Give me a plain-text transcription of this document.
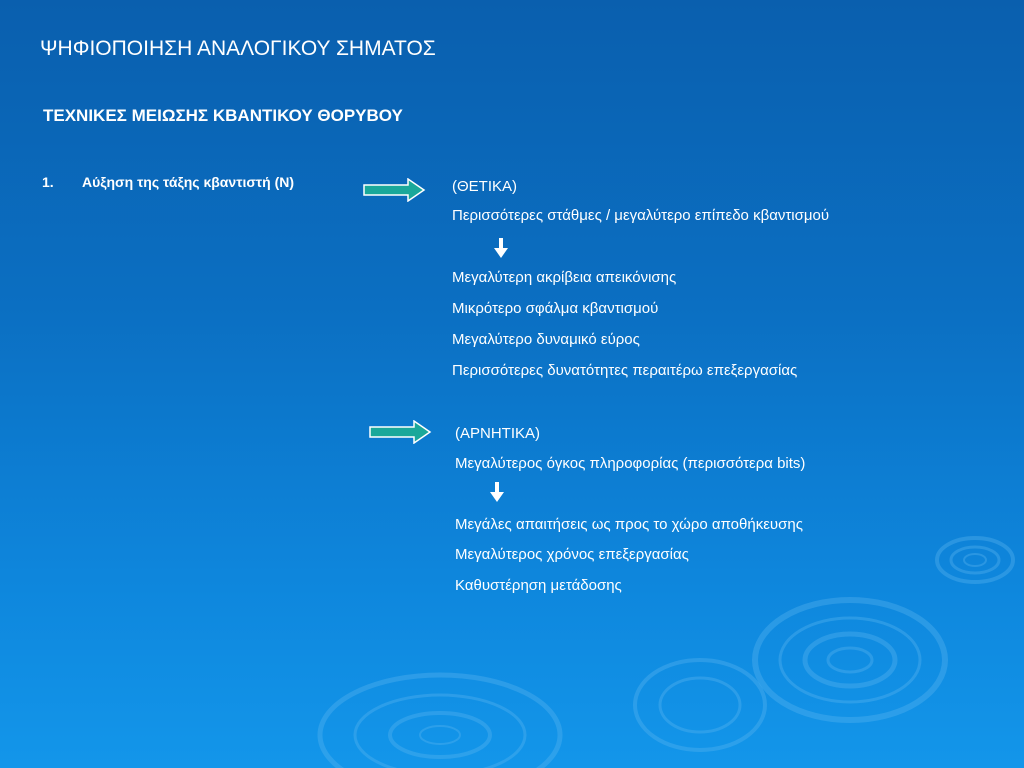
ΨΗΦΙΟΠΟΙΗΣΗ ΑΝΑΛΟΓΙΚΟΥ ΣΗΜΑΤΟΣ
ΤΕΧΝΙΚΕΣ ΜΕΙΩΣΗΣ ΚΒΑΝΤΙΚΟΥ ΘΟΡΥΒΟΥ
1. Αύξηση της τάξης κβαντιστή (Ν)	(ΘΕΤΙΚΑ)
Περισσότερες στάθμες / μεγαλύτερο επίπεδο κβαντισμού
Μεγαλύτερη ακρίβεια απεικόνισης
Μικρότερο σφάλμα κβαντισμού
Μεγαλύτερο δυναμικό εύρος
Περισσότερες δυνατότητες περαιτέρω επεξεργασίας
(ΑΡΝΗΤΙΚΑ)
Μεγαλύτερος όγκος πληροφορίας (περισσότερα bits)
Μεγάλες απαιτήσεις ως προς το χώρο αποθήκευσης
Μεγαλύτερος χρόνος επεξεργασίας
Καθυστέρηση μετάδοσης
